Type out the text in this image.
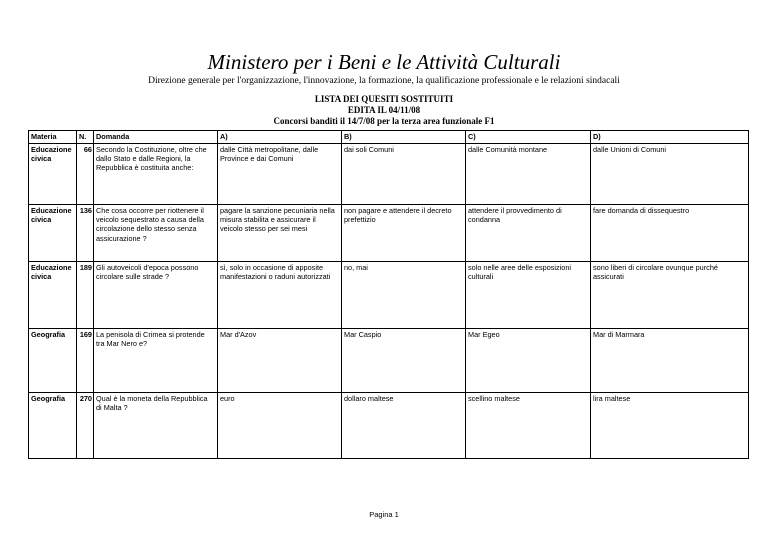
Ministero per i Beni e le Attività Culturali
Direzione generale per l'organizzazione, l'innovazione, la formazione, la qualificazione professionale e le relazioni sindacali
LISTA DEI QUESITI SOSTITUITI
EDITA IL 04/11/08
Concorsi banditi il 14/7/08 per la terza area funzionale F1
Materia	N.	Domanda	A)	B)	C)	D)
Educazione civica	66	Secondo la Costituzione, oltre che dallo Stato e dalle Regioni, la Repubblica è costituita anche:	dalle Città metropolitane, dalle Province e dai Comuni	dai soli Comuni	dalle Comunità montane	dalle Unioni di Comuni
Educazione civica	136	Che cosa occorre per riottenere il veicolo sequestrato a causa della circolazione dello stesso senza assicurazione ?	pagare la sanzione pecuniaria nella misura stabilita e assicurare il veicolo stesso per sei mesi	non pagare e attendere il decreto prefettizio	attendere il provvedimento di condanna	fare domanda di dissequestro
Educazione civica	189	Gli autoveicoli d'epoca possono circolare sulle strade ?	sì, solo in occasione di apposite manifestazioni o raduni autorizzati	no, mai	solo nelle aree delle esposizioni culturali	sono liberi di circolare ovunque purché assicurati
Geografia	169	La penisola di Crimea si protende tra Mar Nero e?	Mar d'Azov	Mar Caspio	Mar Egeo	Mar di Marmara
Geografia	270	Qual è la moneta della Repubblica di Malta ?	euro	dollaro maltese	scellino maltese	lira maltese
Pagina 1
